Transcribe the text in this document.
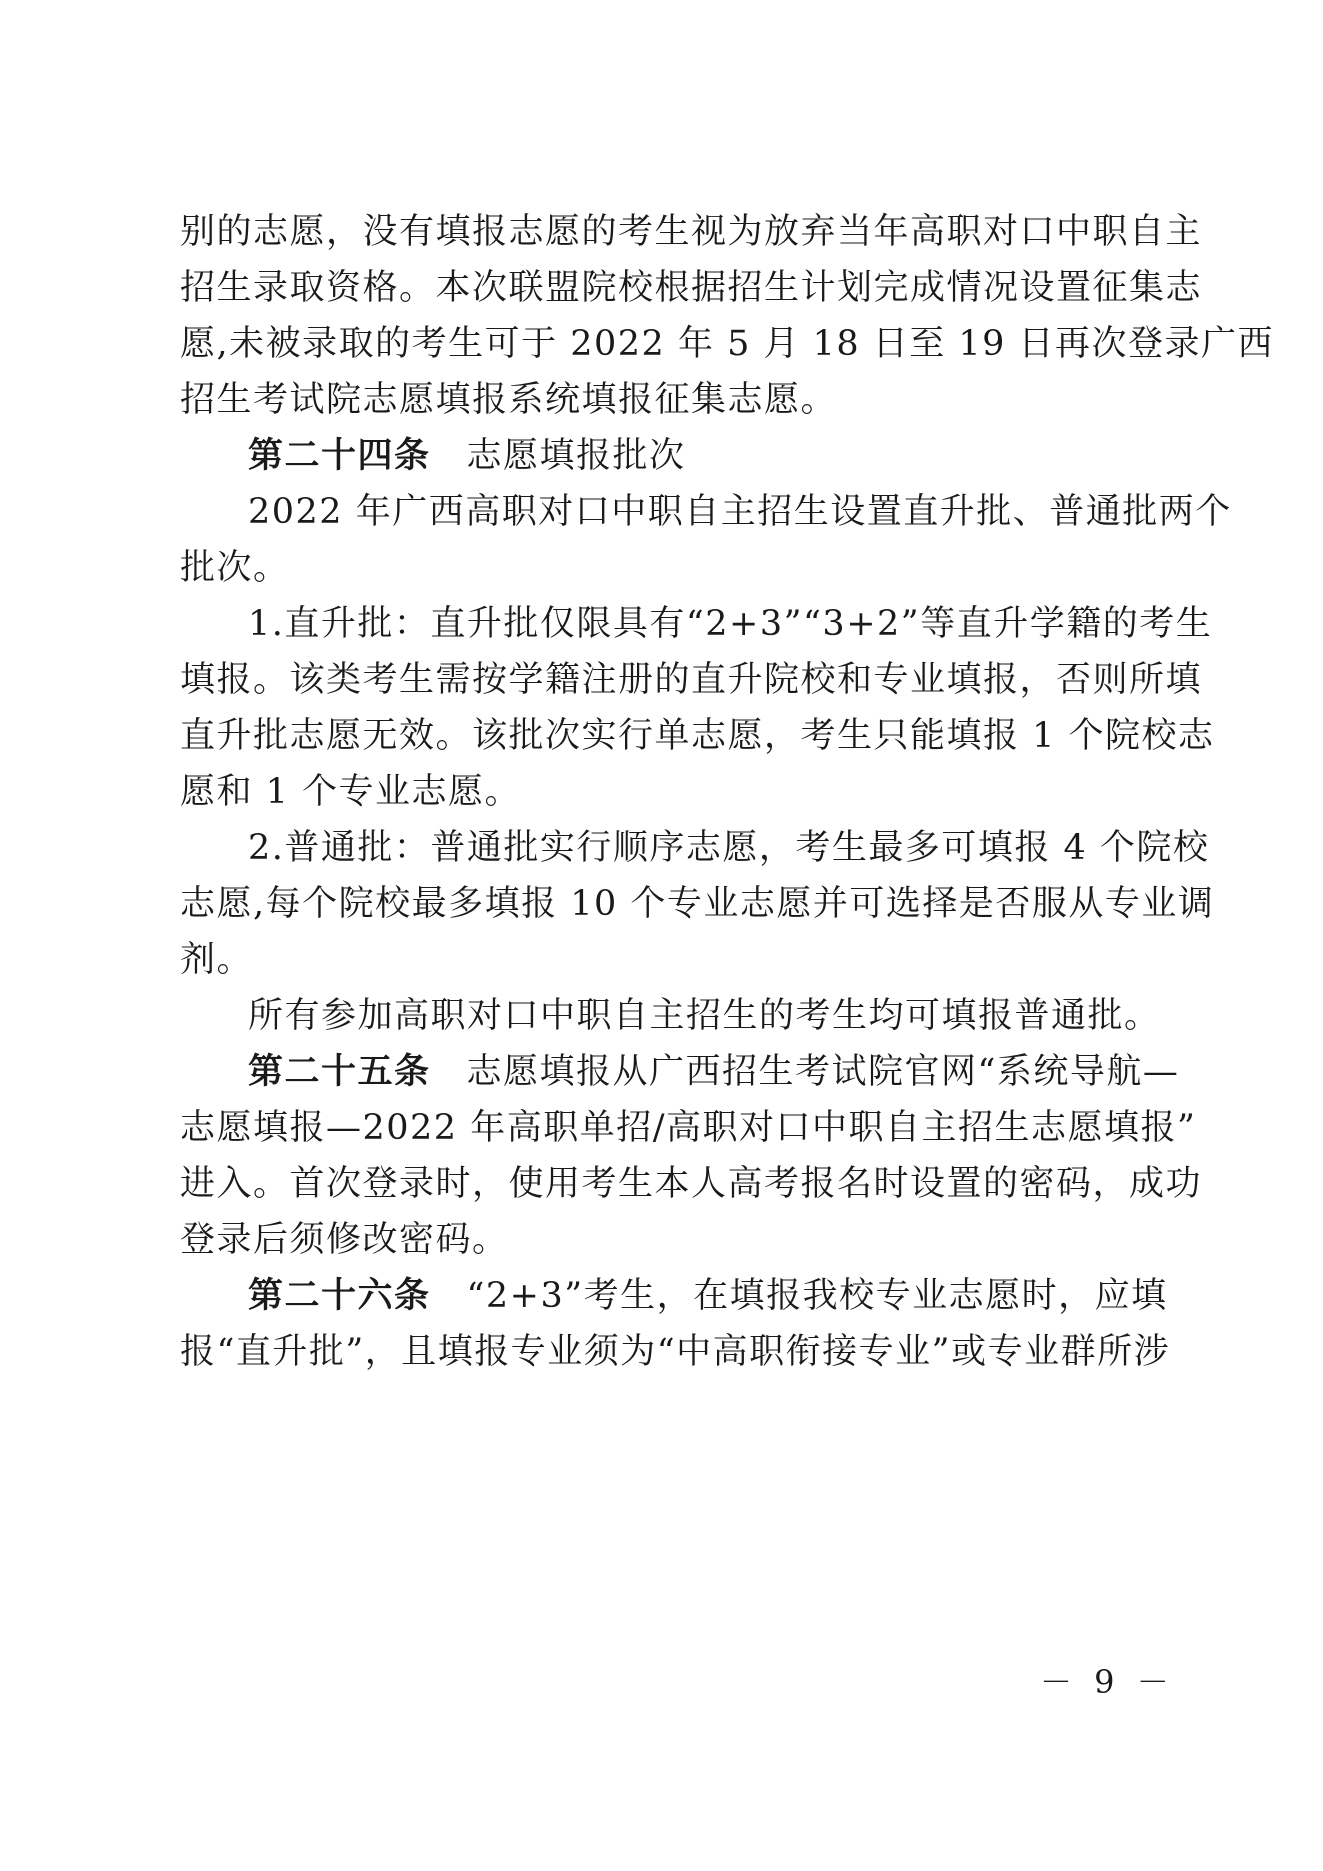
别的志愿，没有填报志愿的考生视为放弃当年高职对口中职自主
招生录取资格。本次联盟院校根据招生计划完成情况设置征集志
愿,未被录取的考生可于 2022 年 5 月 18 日至 19 日再次登录广西
招生考试院志愿填报系统填报征集志愿。
第二十四条 志愿填报批次
2022 年广西高职对口中职自主招生设置直升批、普通批两个
批次。
1.直升批：直升批仅限具有“2+3”“3+2”等直升学籍的考生
填报。该类考生需按学籍注册的直升院校和专业填报，否则所填
直升批志愿无效。该批次实行单志愿，考生只能填报 1 个院校志
愿和 1 个专业志愿。
2.普通批：普通批实行顺序志愿，考生最多可填报 4 个院校
志愿,每个院校最多填报 10 个专业志愿并可选择是否服从专业调
剂。
所有参加高职对口中职自主招生的考生均可填报普通批。
第二十五条 志愿填报从广西招生考试院官网“系统导航—
志愿填报—2022 年高职单招/高职对口中职自主招生志愿填报”
进入。首次登录时，使用考生本人高考报名时设置的密码，成功
登录后须修改密码。
第二十六条 “2+3”考生，在填报我校专业志愿时，应填
报“直升批”，且填报专业须为“中高职衔接专业”或专业群所涉
－ 9 －
